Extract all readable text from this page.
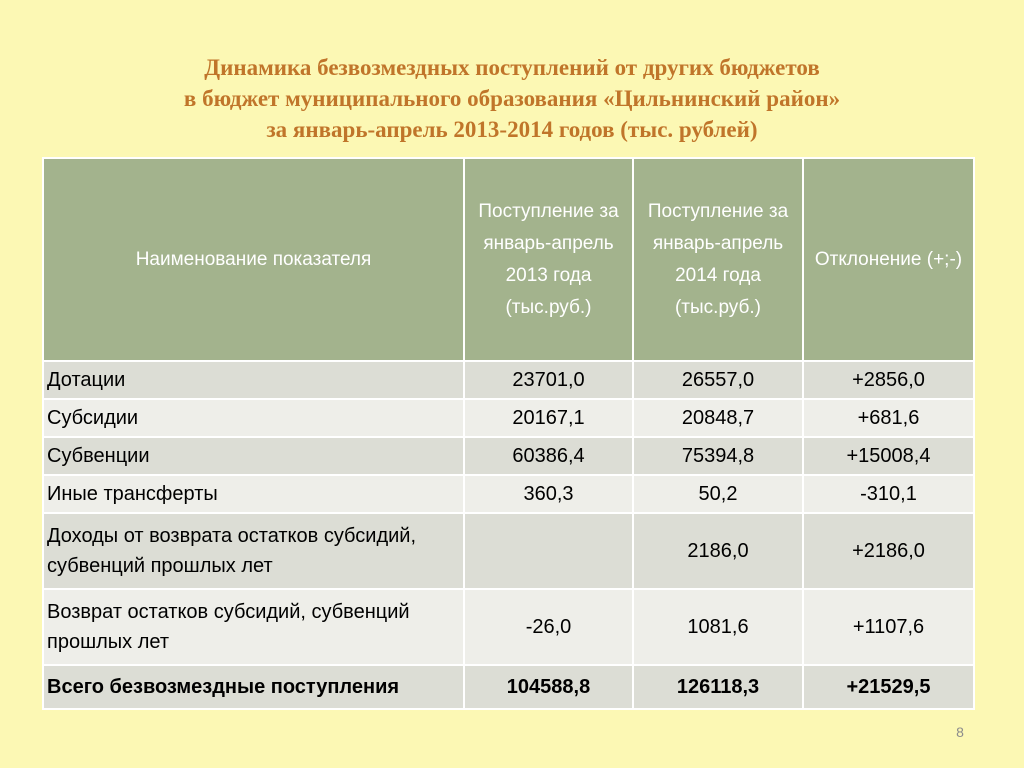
Динамика безвозмездных поступлений от других бюджетов
в бюджет муниципального образования «Цильнинский район»
за январь-апрель 2013-2014 годов (тыс. рублей)
Наименование показателя	Поступление за январь-апрель 2013 года (тыс.руб.)	Поступление за январь-апрель 2014 года (тыс.руб.)	Отклонение (+;-)
Дотации	23701,0	26557,0	+2856,0
Субсидии	20167,1	20848,7	+681,6
Субвенции	60386,4	75394,8	+15008,4
Иные трансферты	360,3	50,2	-310,1
Доходы от возврата остатков субсидий, субвенций прошлых лет		2186,0	+2186,0
Возврат остатков субсидий, субвенций прошлых лет	-26,0	1081,6	+1107,6
Всего безвозмездные поступления	104588,8	126118,3	+21529,5
8
